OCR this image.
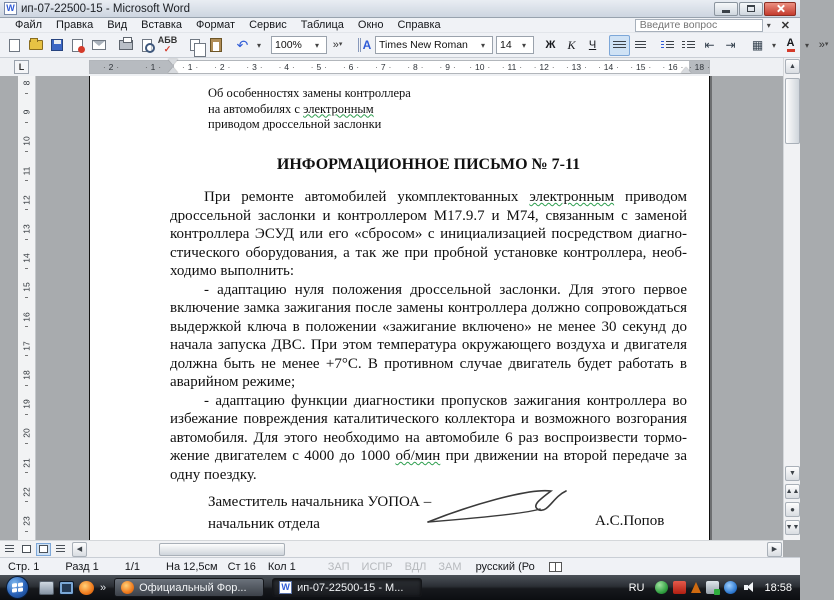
W ип-07-22500-15 - Microsoft Word
Файл	Правка	Вид	Вставка	Формат	Сервис	Таблица	Окно	Справка
Введите вопрос	▾ ✕
АБВ
✓	↶	▾	100%	▾	» ▾	А Times New Roman	▾	14	▾	Ж	К	Ч	⇤ ⇥	▦	▾ А	▾ » ▾
L	· 2 ·	· 1 ·	· 1 · · 2 · · 3 · · 4 · · 5 · · 6 · · 7 · · 8 · · 9 · · 10 · · 11 · · 12 · · 13 · · 14 · · 15 · · 16 · · 18 ·
8
9
10
11
12
13
14
15
16
17
18
19
20
21
22
23
Об особенностях замены контроллера
на автомобилях с электронным
приводом дроссельной заслонки
ИНФОРМАЦИОННОЕ ПИСЬМО № 7-11
При ремонте автомобилей укомплектованных электронным приводом
дроссельной заслонки и контроллером М17.9.7 и М74, связанным с заменой
контроллера ЭСУД или его «сбросом» с инициализацией посредством диагно-
стического оборудования, а так же при пробной установке контроллера, необ-
ходимо выполнить:
- адаптацию нуля положения дроссельной заслонки. Для этого первое
включение замка зажигания после замены контроллера должно сопровождаться
выдержкой ключа в положении «зажигание включено» не менее 30 секунд до
начала запуска ДВС. При этом температура окружающего воздуха и двигателя
должна быть не менее +7°С. В противном случае двигатель будет работать в
аварийном режиме;
- адаптацию функции диагностики пропусков зажигания контроллера во
избежание повреждения каталитического коллектора и возможного возгорания
автомобиля. Для этого необходимо на автомобиле 6 раз воспроизвести тормо-
жение двигателем с 4000 до 1000 об/мин при движении на второй передаче за
одну поездку.
Заместитель начальника УОПОА –
начальник отдела	А.С.Попов
▲
▼
▲▲
●
▼▼
◀	▶
Стр. 1 Разд 1 1/1 На 12,5см Ст 16 Кол 1	ЗАП ИСПР ВДЛ ЗАМ русский (Ро
»	Официальный Фор...	W ип-07-22500-15 - М...	RU	18:58
